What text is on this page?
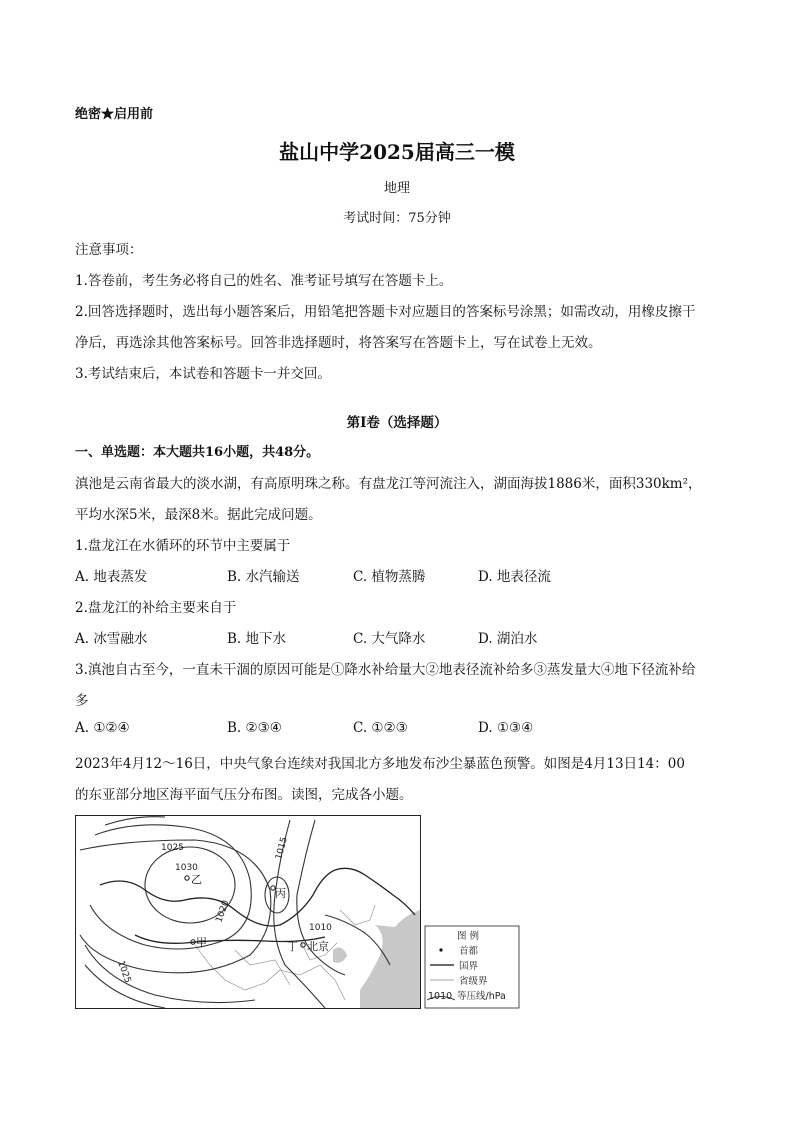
绝密★启用前
盐山中学2025届高三一模
地理
考试时间：75分钟
注意事项：
1.答卷前，考生务必将自己的姓名、准考证号填写在答题卡上。
2.回答选择题时，选出每小题答案后，用铅笔把答题卡对应题目的答案标号涂黑；如需改动，用橡皮擦干
净后，再选涂其他答案标号。回答非选择题时，将答案写在答题卡上，写在试卷上无效。
3.考试结束后，本试卷和答题卡一并交回。
第I卷（选择题）
一、单选题：本大题共16小题，共48分。
滇池是云南省最大的淡水湖，有高原明珠之称。有盘龙江等河流注入，湖面海拔1886米，面积330km²，
平均水深5米，最深8米。据此完成问题。
1.盘龙江在水循环的环节中主要属于
A. 地表蒸发	B. 水汽输送	C. 植物蒸腾	D. 地表径流
2.盘龙江的补给主要来自于
A. 冰雪融水	B. 地下水	C. 大气降水	D. 湖泊水
3.滇池自古至今，一直未干涸的原因可能是①降水补给量大②地表径流补给多③蒸发量大④地下径流补给
多
A. ①②④	B. ②③④	C. ①②③	D. ①③④
2023年4月12～16日，中央气象台连续对我国北方多地发布沙尘暴蓝色预警。如图是4月13日14：00
的东亚部分地区海平面气压分布图。读图，完成各小题。
1025
1030
1015
1020
1010
1025
乙
丙
甲	丁 北京
图 例
首都
国界
省级界
1010 等压线/hPa
